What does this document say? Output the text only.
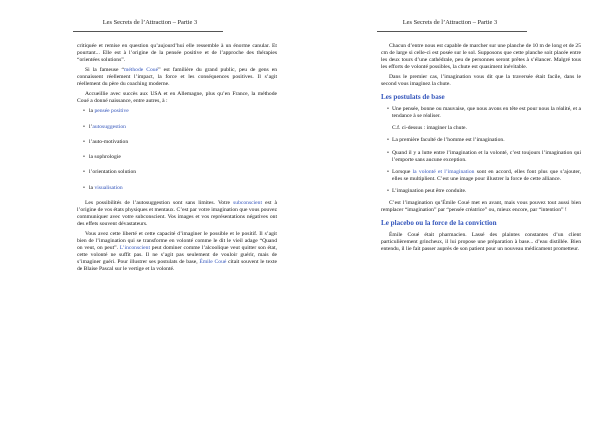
Les Secrets de l’Attraction – Partie 3

critiquée et remise en question qu’aujourd’hui elle ressemble à un énorme canular. Et pourtant... Elle est à l’origine de la pensée positive et de l’approche des thérapies “orientées solutions”.

Si la fameuse “méthode Coué” est familière du grand public, peu de gens en connaissent réellement l’impact, la force et les conséquences positives. Il s’agit réellement du père du coaching moderne.

Accueillie avec succès aux USA et en Allemagne, plus qu’en France, la méthode Coué a donné naissance, entre autres, à :

• la pensée positive
• l’autosuggestion
• l’auto-motivation
• la sophrologie
• l’orientation solution
• la visualisation

Les possibilités de l’autosuggestion sont sans limites. Votre subconscient est à l’origine de vos états physiques et mentaux. C’est par votre imagination que vous pouvez communiquer avec votre subconscient. Vos images et vos représentations négatives ont des effets souvent dévastateurs.

Vous avez cette liberté et cette capacité d’imaginer le possible et le positif. Il s’agit bien de l’imagination qui se transforme en volonté comme le dit le vieil adage “Quand on veut, on peut”. L’inconscient peut dominer comme l’alcoolique veut quitter son état, cette volonté ne suffit pas. Il ne s’agit pas seulement de vouloir guérir, mais de s’imaginer guéri. Pour illustrer ses postulats de base, Émile Coué citait souvent le texte de Blaise Pascal sur le vertige et la volonté.

Les Secrets de l’Attraction – Partie 3

Chacun d’entre nous est capable de marcher sur une planche de 10 m de long et de 25 cm de large si celle-ci est posée sur le sol. Supposons que cette planche soit placée entre les deux tours d’une cathédrale, peu de personnes seront prêtes à s’élancer. Malgré tous les efforts de volonté possibles, la chute est quasiment inévitable.

Dans le premier cas, l’imagination vous dit que la traversée était facile, dans le second vous imaginez la chute.

Les postulats de base
• Une pensée, bonne ou mauvaise, que nous avons en tête est pour nous la réalité, et a tendance à se réaliser.
C.f. ci-dessus : imaginer la chute.
• La première faculté de l’homme est l’imagination.
• Quand il y a lutte entre l’imagination et la volonté, c’est toujours l’imagination qui l’emporte sans aucune exception.
• Lorsque la volonté et l’imagination sont en accord, elles font plus que s’ajouter, elles se multiplient. C’est une image pour illustrer la force de cette alliance.
• L’imagination peut être conduite.

C’est l’imagination qu’Émile Coué met en avant, mais vous pouvez tout aussi bien remplacer “imagination” par “pensée créatrice” ou, mieux encore, par “intention” !

Le placebo ou la force de la conviction

Émile Coué était pharmacien. Lassé des plaintes constantes d’un client particulièrement grincheux, il lui propose une préparation à base... d’eau distillée. Bien entendu, il lie fait passer auprès de son patient pour un nouveau médicament prometteur.
